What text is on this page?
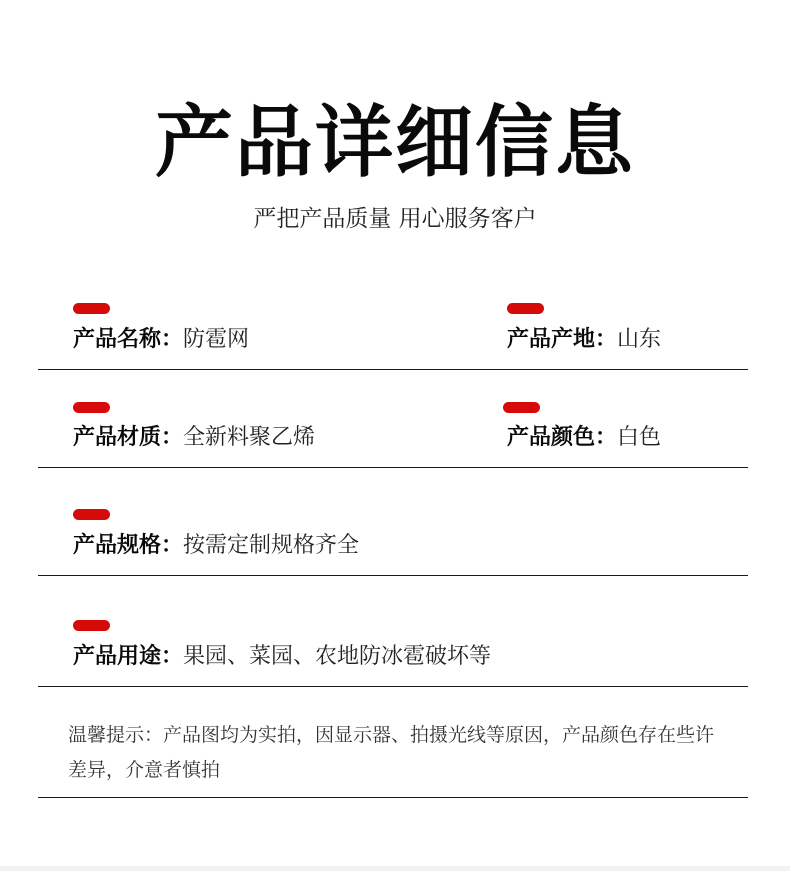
产品详细信息
严把产品质量 用心服务客户
产品名称：防雹网	产品产地：山东
产品材质：全新料聚乙烯	产品颜色：白色
产品规格：按需定制规格齐全
产品用途：果园、菜园、农地防冰雹破坏等
温馨提示：产品图均为实拍，因显示器、拍摄光线等原因，产品颜色存在些许差异，介意者慎拍
